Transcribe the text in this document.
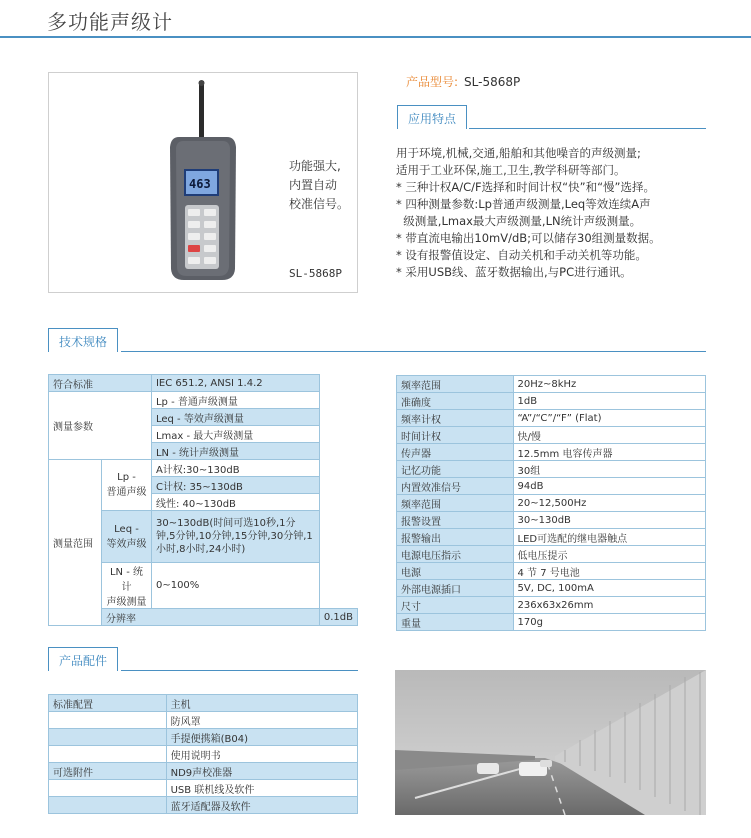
多功能声级计
463
功能强大,
内置自动
校准信号。
SL-5868P
产品型号: SL-5868P
应用特点

用于环境,机械,交通,船舶和其他噪音的声级测量;

适用于工业环保,施工,卫生,教学科研等部门。

* 三种计权A/C/F选择和时间计权“快”和“慢”选择。

* 四种测量参数:Lp普通声级测量,Leq等效连续A声

级测量,Lmax最大声级测量,LN统计声级测量。

* 带直流电输出10mV/dB;可以储存30组测量数据。

* 设有报警值设定、自动关机和手动关机等功能。

* 采用USB线、蓝牙数据输出,与PC进行通讯。

技术规格
符合标准		IEC 651.2, ANSI 1.4.2	
测量参数		Lp - 普通声级测量	
		Leq - 等效声级测量	
		Lmax - 最大声级测量	
		LN - 统计声级测量	
测量范围	Lp -
普通声级	A计权:30~130dB	
		C计权: 35~130dB	
		线性: 40~130dB	
	Leq -
等效声级	30~130dB(时间可选10秒,1分钟,5分钟,10分钟,15分钟,30分钟,1小时,8小时,24小时)	
	LN - 统计
声级测量	0~100%	
	分辨率		0.1dB
频率范围	20Hz~8kHz
准确度	1dB
频率计权	“A”/“C”/“F” (Flat)
时间计权	快/慢
传声器	12.5mm 电容传声器
记忆功能	30组
内置效准信号	94dB
频率范围	20~12,500Hz
报警设置	30~130dB
报警输出	LED可选配的继电器触点
电源电压指示	低电压提示
电源	4 节 7 号电池
外部电源插口	5V, DC, 100mA
尺寸	236x63x26mm
重量	170g
产品配件
标准配置	主机
	防风罩
	手提便携箱(B04)
	使用说明书
可选附件	ND9声校准器
	USB 联机线及软件
	蓝牙适配器及软件
